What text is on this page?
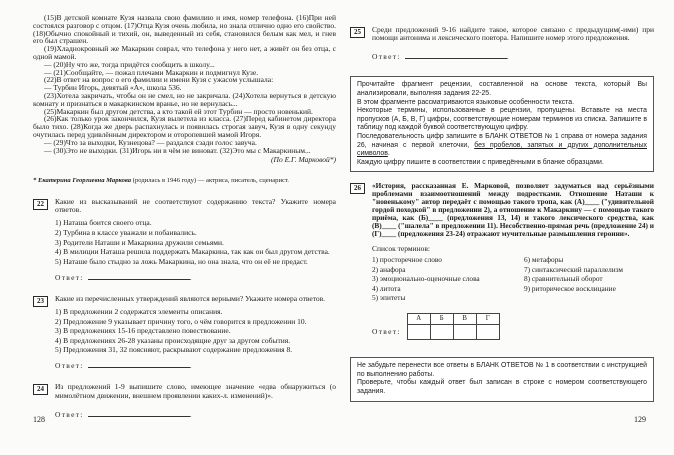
(15)В детской комнате Кузя назвала свою фамилию и имя, номер телефона. (16)При ней состоялся разговор с отцом. (17)Отца Кузя очень любила, но знала отлично одно его свойство. (18)Обычно спокойный и тихий, он, выведенный из себя, становился белым как мел, и гнев его был страшен.

(19)Хладнокровный же Макаркин соврал, что телефона у него нет, а живёт он без отца, с одной мамой.

— (20)Ну что же, тогда придётся сообщить в школу...

— (21)Сообщайте, — пожал плечами Макаркин и подмигнул Кузе.

(22)В ответ на вопрос о его фамилии и имени Кузя с ужасом услышала:

— Турбин Игорь, девятый «А», школа 536.

(23)Хотела закричать, чтобы он не смел, но не закричала. (24)Хотела вернуться в детскую комнату и признаться в макаркинском вранье, но не вернулась...

(25)Макаркин был другом детства, а кто такой ей этот Турбин — просто новенький.

(26)Как только урок закончился, Кузя вылетела из класса. (27)Перед кабинетом директора было тихо. (28)Когда же дверь распахнулась и появилась строгая завуч, Кузя в одну секунду очутилась перед удивлённым директором и оторопевшей мамой Игоря.

— (29)Что за выходки, Кузнецова? — раздался сзади голос завуча.

— (30)Это не выходки. (31)Игорь ни в чём не виноват. (32)Это мы с Макаркиным...

(По Е.Г. Марковой*)
* Екатерина Георгиевна Маркова (родилась в 1946 году) — актриса, писатель, сценарист.
22	Какие из высказываний не соответствуют содержанию текста? Укажите номера ответов.
1) Наташа боится своего отца.
2) Турбина в классе уважали и побаивались.
3) Родители Наташи и Макаркина дружили семьями.
4) В милиции Наташа решила поддержать Макаркина, так как он был другом детства.
5) Наташе было стыдно за ложь Макаркина, но она знала, что он её не предаст.
Ответ:	.
23	Какие из перечисленных утверждений являются верными? Укажите номера ответов.
1) В предложении 2 содержатся элементы описания.
2) Предложение 9 указывает причину того, о чём говорится в предложении 10.
3) В предложениях 15-16 представлено повествование.
4) В предложениях 26-28 указаны происходящие друг за другом события.
5) Предложения 31, 32 поясняют, раскрывают содержание предложения 8.
Ответ:	.
24	Из предложений 1-9 выпишите слово, имеющее значение «едва обнаружиться (о мимолётном движении, внешнем проявлении каких-л. изменений)».
Ответ:	.
25	Среди предложений 9-16 найдите такое, которое связано с предыдущим(-ими) при помощи антонима и лексического повтора. Напишите номер этого предложения.
Ответ:	.

Прочитайте фрагмент рецензии, составленной на основе текста, который Вы анализировали, выполняя задания 22-25.

В этом фрагменте рассматриваются языковые особенности текста.

Некоторые термины, использованные в рецензии, пропущены. Вставьте на места пропусков (А, Б, В, Г) цифры, соответствующие номерам терминов из списка. Запишите в таблицу под каждой буквой соответствующую цифру.

Последовательность цифр запишите в БЛАНК ОТВЕТОВ № 1 справа от номера задания 26, начиная с первой клеточки, без пробелов, запятых и других дополнительных символов.

Каждую цифру пишите в соответствии с приведёнными в бланке образцами.

26	«История, рассказанная Е. Марковой, позволяет задуматься над серьёзными проблемами взаимоотношений между подростками. Отношение Наташи к "новенькому" автор передаёт с помощью такого тропа, как (А)____ ("удивительной гордой походкой" в предложении 2), а отношение к Макаркину — с помощью такого приёма, как (Б)____ (предложения 13, 14) и такого лексического средства, как (В)____ ("шалела" в предложении 11). Несобственно-прямая речь (предложение 24) и (Г)____ (предложения 23-24) отражают мучительные размышления героини».
Список терминов:
1) просторечное слово
2) анафора
3) эмоционально-оценочные слова
4) литота
5) эпитеты
6) метафоры
7) синтаксический параллелизм
8) сравнительный оборот
9) риторическое восклицание
Ответ:
А	Б	В	Г

Не забудьте перенести все ответы в БЛАНК ОТВЕТОВ № 1 в соответствии с инструкцией по выполнению работы.

Проверьте, чтобы каждый ответ был записан в строке с номером соответствующего задания.

128	129
